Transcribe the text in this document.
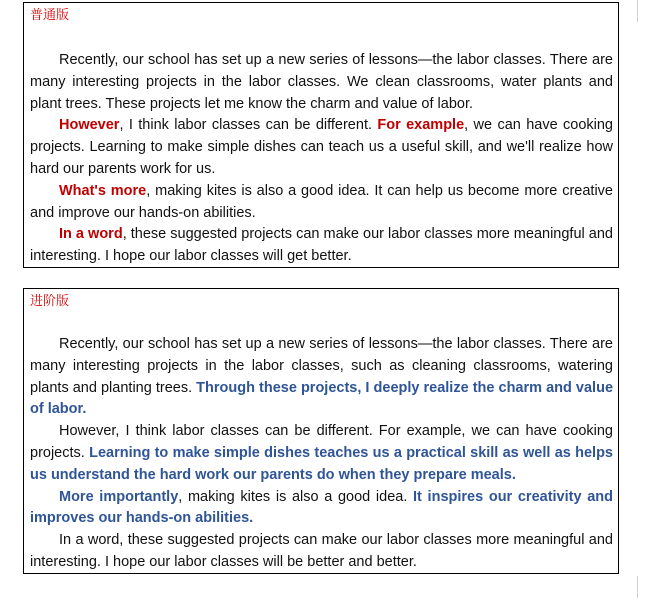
普通版

Recently, our school has set up a new series of lessons—the labor classes. There are many interesting projects in the labor classes. We clean classrooms, water plants and plant trees. These projects let me know the charm and value of labor.

However, I think labor classes can be different. For example, we can have cooking projects. Learning to make simple dishes can teach us a useful skill, and we'll realize how hard our parents work for us.

What's more, making kites is also a good idea. It can help us become more creative and improve our hands-on abilities.

In a word, these suggested projects can make our labor classes more meaningful and interesting. I hope our labor classes will get better.

进阶版

Recently, our school has set up a new series of lessons—the labor classes. There are many interesting projects in the labor classes, such as cleaning classrooms, watering plants and planting trees. Through these projects, I deeply realize the charm and value of labor.

However, I think labor classes can be different. For example, we can have cooking projects. Learning to make simple dishes teaches us a practical skill as well as helps us understand the hard work our parents do when they prepare meals.

More importantly, making kites is also a good idea. It inspires our creativity and improves our hands-on abilities.

In a word, these suggested projects can make our labor classes more meaningful and interesting. I hope our labor classes will be better and better.
